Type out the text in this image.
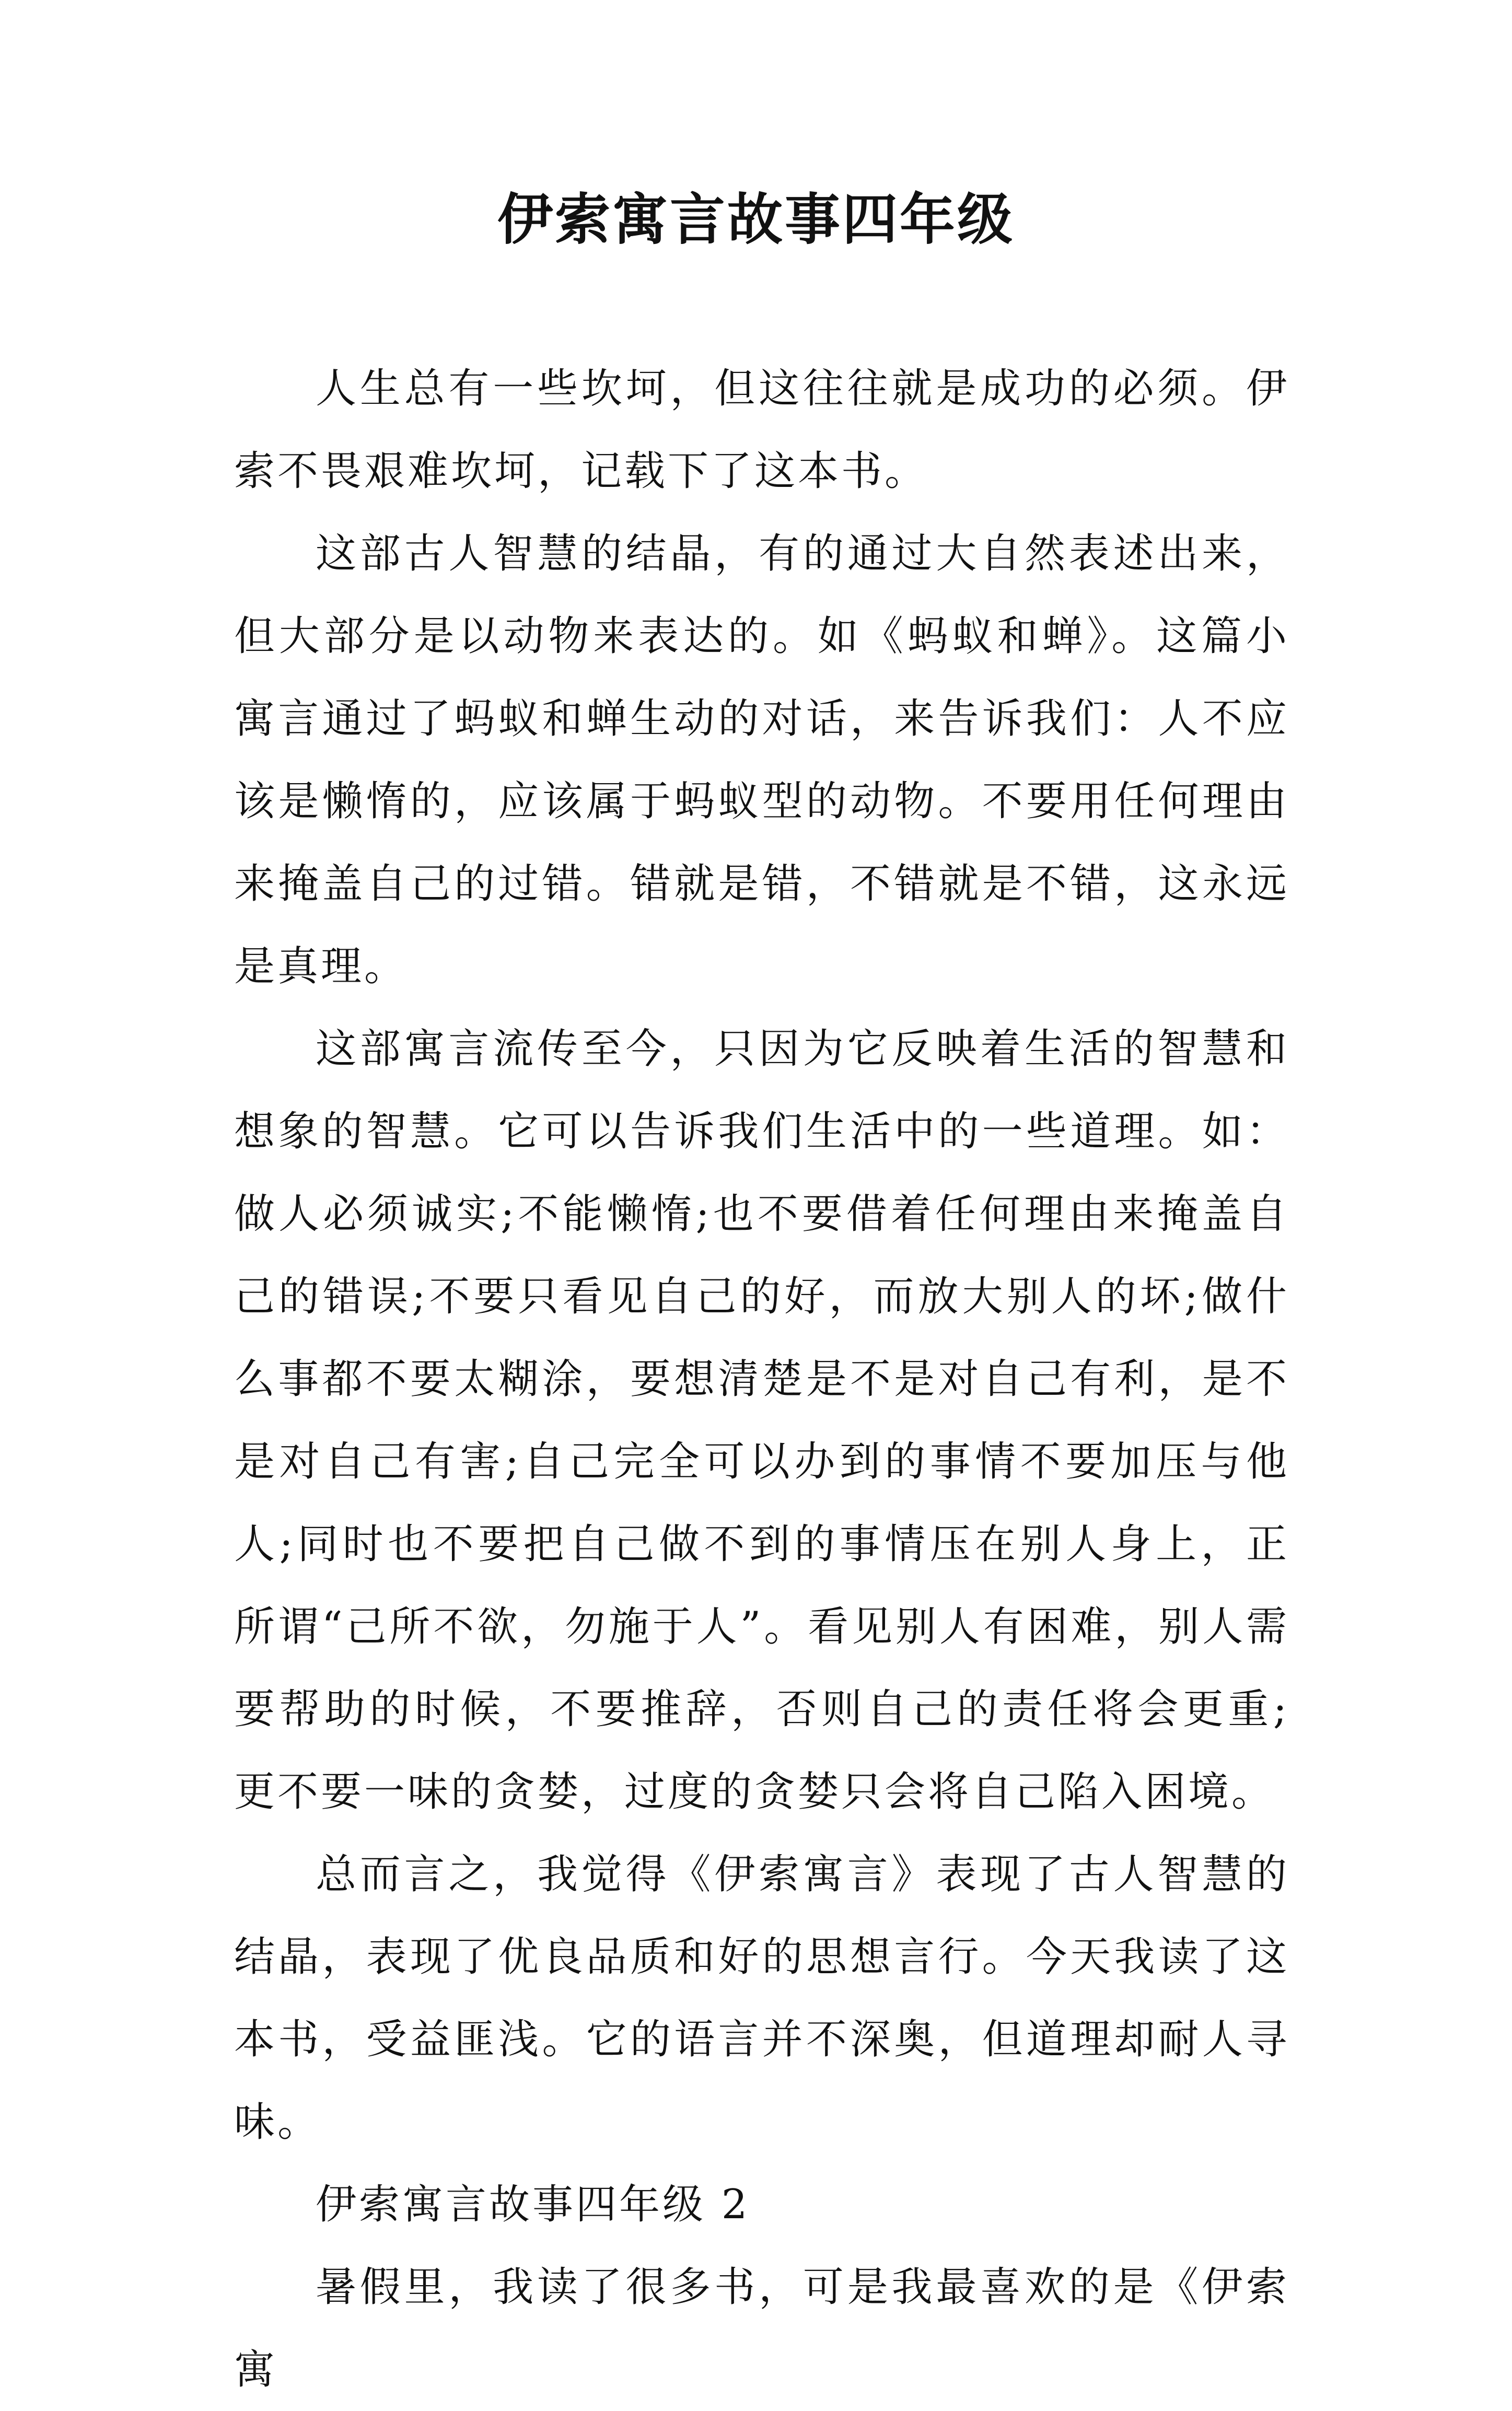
伊索寓言故事四年级

人生总有一些坎坷，但这往往就是成功的必须。伊索不畏艰难坎坷，记载下了这本书。

这部古人智慧的结晶，有的通过大自然表述出来，但大部分是以动物来表达的。如《蚂蚁和蝉》。这篇小寓言通过了蚂蚁和蝉生动的对话，来告诉我们：人不应该是懒惰的，应该属于蚂蚁型的动物。不要用任何理由来掩盖自己的过错。错就是错，不错就是不错，这永远是真理。

这部寓言流传至今，只因为它反映着生活的智慧和想象的智慧。它可以告诉我们生活中的一些道理。如：做人必须诚实;不能懒惰;也不要借着任何理由来掩盖自己的错误;不要只看见自己的好，而放大别人的坏;做什么事都不要太糊涂，要想清楚是不是对自己有利，是不是对自己有害;自己完全可以办到的事情不要加压与他人;同时也不要把自己做不到的事情压在别人身上，正所谓“己所不欲，勿施于人”。看见别人有困难，别人需要帮助的时候，不要推辞，否则自己的责任将会更重;更不要一味的贪婪，过度的贪婪只会将自己陷入困境。

总而言之，我觉得《伊索寓言》表现了古人智慧的结晶，表现了优良品质和好的思想言行。今天我读了这本书，受益匪浅。它的语言并不深奥，但道理却耐人寻味。

伊索寓言故事四年级 2

暑假里，我读了很多书，可是我最喜欢的是《伊索寓
